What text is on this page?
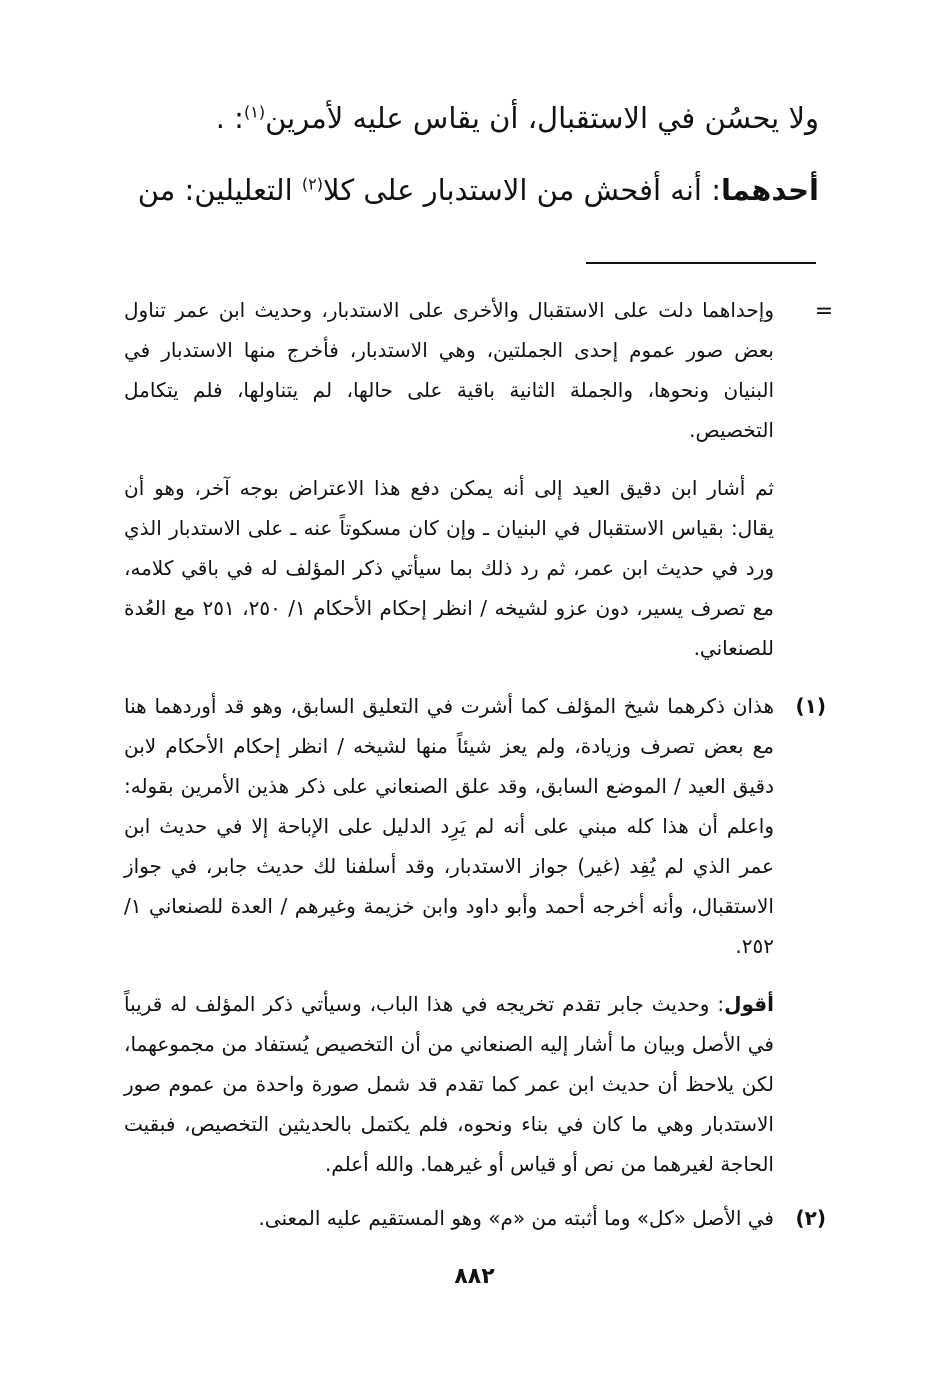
ولا يحسُن في الاستقبال، أن يقاس عليه لأمرين$^{(١)}$: .
أحدهما: أنه أفحش من الاستدبار على كلا$^{(٢)}$ التعليلين: من
=

وإحداهما دلت على الاستقبال والأخرى على الاستدبار، وحديث ابن عمر تناول بعض صور عموم إحدى الجملتين، وهي الاستدبار، فأخرج منها الاستدبار في البنيان ونحوها، والجملة الثانية باقية على حالها، لم يتناولها، فلم يتكامل التخصيص.

ثم أشار ابن دقيق العيد إلى أنه يمكن دفع هذا الاعتراض بوجه آخر، وهو أن يقال: بقياس الاستقبال في البنيان ـ وإن كان مسكوتاً عنه ـ على الاستدبار الذي ورد في حديث ابن عمر، ثم رد ذلك بما سيأتي ذكر المؤلف له في باقي كلامه، مع تصرف يسير، دون عزو لشيخه / انظر إحكام الأحكام ١/ ٢٥٠، ٢٥١ مع العُدة للصنعاني.

(١)

هذان ذكرهما شيخ المؤلف كما أشرت في التعليق السابق، وهو قد أوردهما هنا مع بعض تصرف وزيادة، ولم يعز شيئاً منها لشيخه / انظر إحكام الأحكام لابن دقيق العيد / الموضع السابق، وقد علق الصنعاني على ذكر هذين الأمرين بقوله: واعلم أن هذا كله مبني على أنه لم يَرِد الدليل على الإباحة إلا في حديث ابن عمر الذي لم يُفِد (غير) جواز الاستدبار، وقد أسلفنا لك حديث جابر، في جواز الاستقبال، وأنه أخرجه أحمد وأبو داود وابن خزيمة وغيرهم / العدة للصنعاني ١/ ٢٥٢.

أقول: وحديث جابر تقدم تخريجه في هذا الباب، وسيأتي ذكر المؤلف له قريباً في الأصل وبيان ما أشار إليه الصنعاني من أن التخصيص يُستفاد من مجموعهما، لكن يلاحظ أن حديث ابن عمر كما تقدم قد شمل صورة واحدة من عموم صور الاستدبار وهي ما كان في بناء ونحوه، فلم يكتمل بالحديثين التخصيص، فبقيت الحاجة لغيرهما من نص أو قياس أو غيرهما. والله أعلم.

(٢)

في الأصل «كل» وما أثبته من «م» وهو المستقيم عليه المعنى.

٨٨٢
